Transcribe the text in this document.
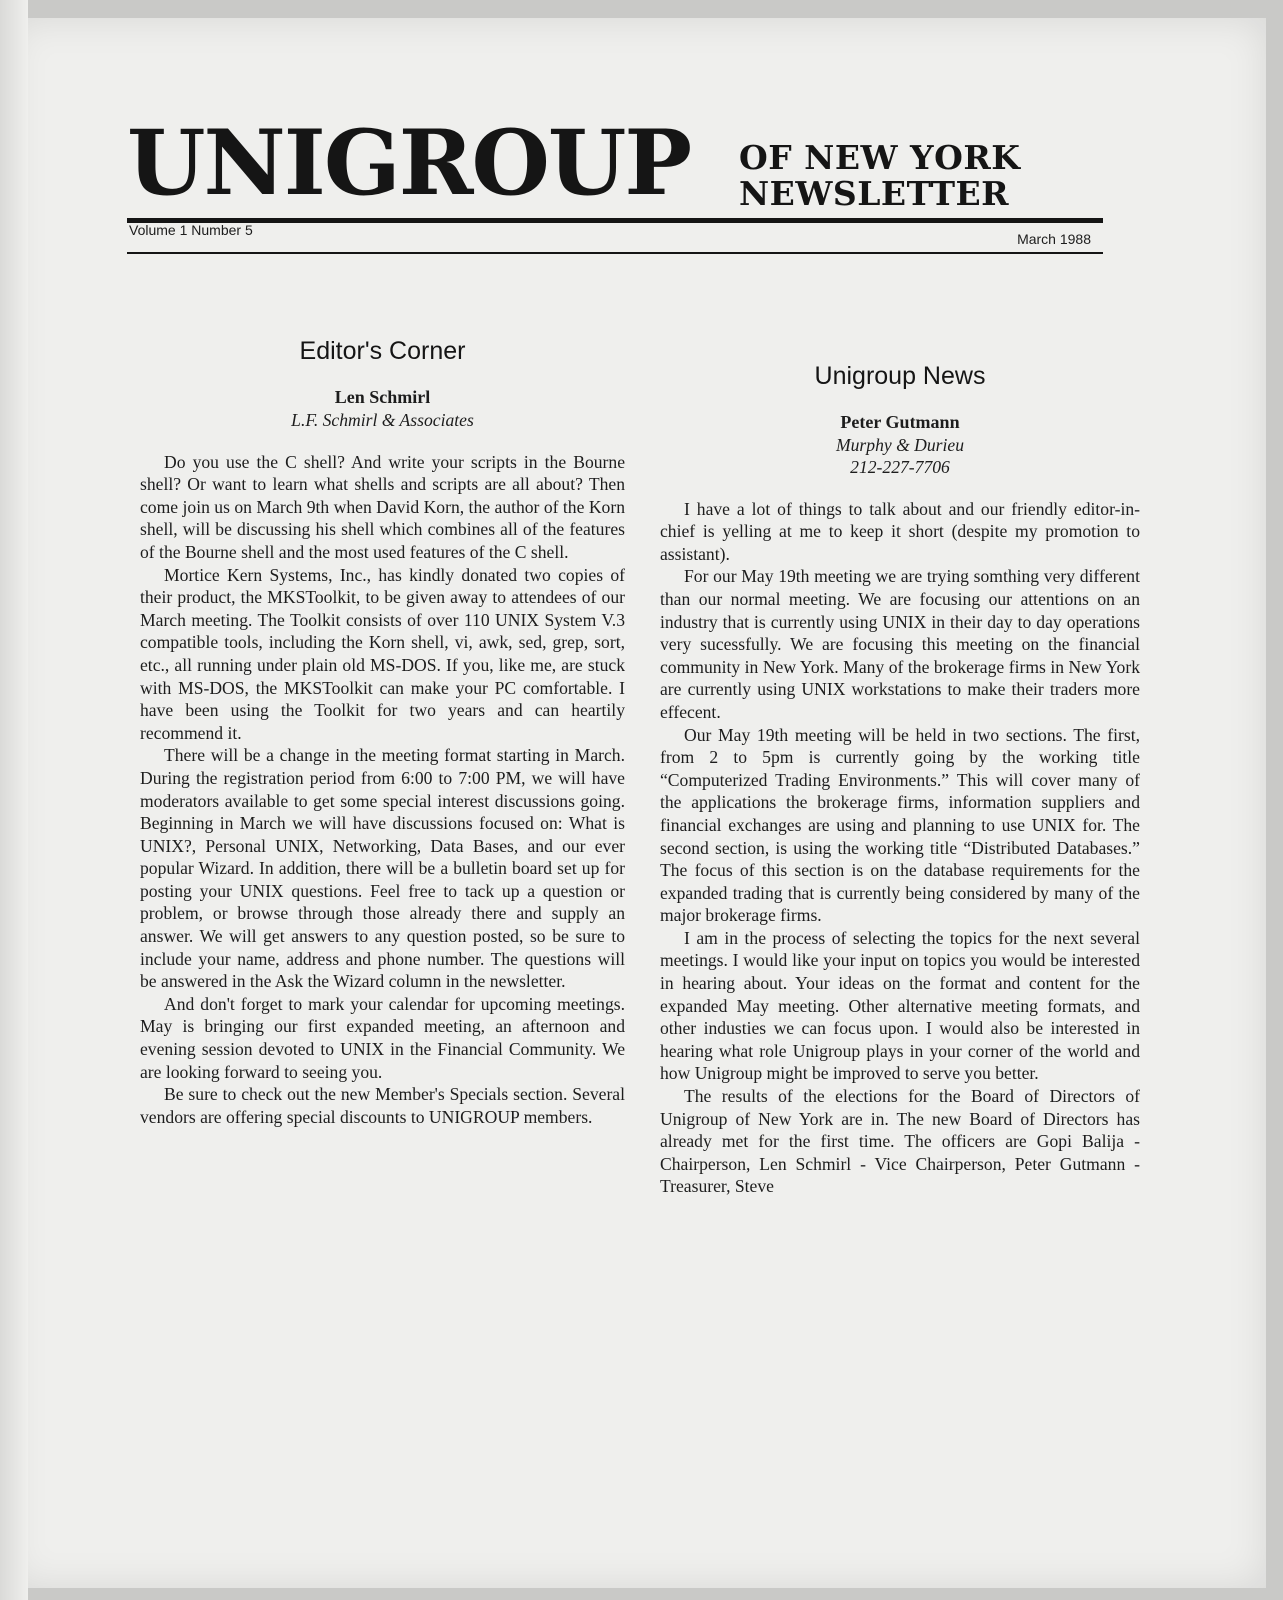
UNIGROUP OF NEW YORK
NEWSLETTER
Volume 1 Number 5
March 1988
Editor's Corner
Len Schmirl
L.F. Schmirl & Associates

Do you use the C shell? And write your scripts in the Bourne shell? Or want to learn what shells and scripts are all about? Then come join us on March 9th when David Korn, the author of the Korn shell, will be discussing his shell which combines all of the features of the Bourne shell and the most used features of the C shell.

Mortice Kern Systems, Inc., has kindly donated two copies of their product, the MKSToolkit, to be given away to attendees of our March meeting. The Toolkit consists of over 110 UNIX System V.3 compatible tools, including the Korn shell, vi, awk, sed, grep, sort, etc., all running under plain old MS-DOS. If you, like me, are stuck with MS-DOS, the MKSToolkit can make your PC comfortable. I have been using the Toolkit for two years and can heartily recommend it.

There will be a change in the meeting format starting in March. During the registration period from 6:00 to 7:00 PM, we will have moderators available to get some special interest discussions going. Beginning in March we will have discussions focused on: What is UNIX?, Personal UNIX, Networking, Data Bases, and our ever popular Wizard. In addition, there will be a bulletin board set up for posting your UNIX questions. Feel free to tack up a question or problem, or browse through those already there and supply an answer. We will get answers to any question posted, so be sure to include your name, address and phone number. The questions will be answered in the Ask the Wizard column in the newsletter.

And don't forget to mark your calendar for upcoming meetings. May is bringing our first expanded meeting, an afternoon and evening session devoted to UNIX in the Financial Community. We are looking forward to seeing you.

Be sure to check out the new Member's Specials section. Several vendors are offering special discounts to UNIGROUP members.

Unigroup News
Peter Gutmann
Murphy & Durieu
212-227-7706

I have a lot of things to talk about and our friendly editor-in-chief is yelling at me to keep it short (despite my promotion to assistant).

For our May 19th meeting we are trying somthing very different than our normal meeting. We are focusing our attentions on an industry that is currently using UNIX in their day to day operations very sucessfully. We are focusing this meeting on the financial community in New York. Many of the brokerage firms in New York are currently using UNIX workstations to make their traders more effecent.

Our May 19th meeting will be held in two sections. The first, from 2 to 5pm is currently going by the working title “Computerized Trading Environments.” This will cover many of the applications the brokerage firms, information suppliers and financial exchanges are using and planning to use UNIX for. The second section, is using the working title “Distributed Databases.” The focus of this section is on the database requirements for the expanded trading that is currently being considered by many of the major brokerage firms.

I am in the process of selecting the topics for the next several meetings. I would like your input on topics you would be interested in hearing about. Your ideas on the format and content for the expanded May meeting. Other alternative meeting formats, and other industies we can focus upon. I would also be interested in hearing what role Unigroup plays in your corner of the world and how Unigroup might be improved to serve you better.

The results of the elections for the Board of Directors of Unigroup of New York are in. The new Board of Directors has already met for the first time. The officers are Gopi Balija - Chairperson, Len Schmirl - Vice Chairperson, Peter Gutmann - Treasurer, Steve
